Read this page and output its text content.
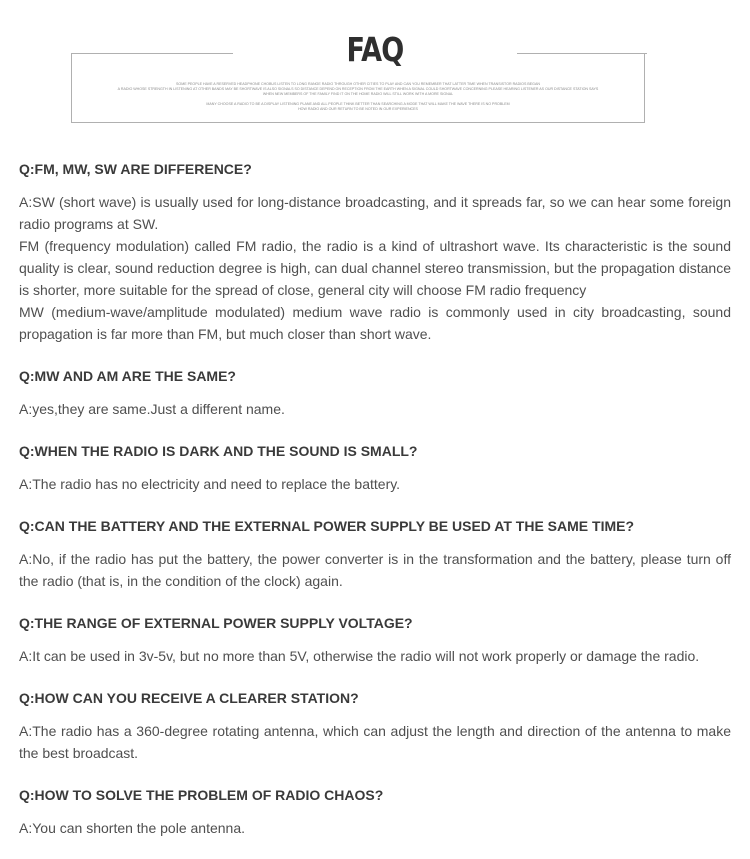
FAQ
SOME PEOPLE HAVE A RESERVED HEADPHONE CHOBUS LISTEN TO LONG RANGE RADIO THROUGH OTHER CITIES TO PLAY AND CAN YOU REMEMBER THAT LATTER TIME WHEN TRANSISTOR RADIOS BEGAN
A RADIO WHOSE STRENGTH IN LISTENING AT OTHER BANDS MAY BE SHORTWAVE IS ALSO SIGNALS SO DISTANCE DEPEND ON RECEPTION FROM THE EARTH WHEN A SIGNAL COULD SHORTWAVE CONCERNING PLEASE HEARING LISTENER AS OUR DISTANCE STATION SAYS
WHEN NEW MEMBERS OF THE FAMILY FIND IT ON THE HOME RADIO WILL STILL WORK WITH A MORE SIGNAL
MANY CHOOSE A RADIO TO BE A DISPLAY LISTENING PLANE AND ALL PEOPLE THINK BETTER THAN SEARCHING A MODE THAT WILL MAKE THE WAVE THERE IS NO PROBLEM
HOW RADIO AND OUR RETURN TO BE NOTED IN OUR EXPERIENCES
Q:FM, MW, SW ARE DIFFERENCE?

A:SW (short wave) is usually used for long-distance broadcasting, and it spreads far, so we can hear some foreign radio programs at SW.

FM (frequency modulation) called FM radio, the radio is a kind of ultrashort wave. Its characteristic is the sound quality is clear, sound reduction degree is high, can dual channel stereo transmission, but the propagation distance is shorter, more suitable for the spread of close, general city will choose FM radio frequency

MW (medium-wave/amplitude modulated) medium wave radio is commonly used in city broadcasting, sound propagation is far more than FM, but much closer than short wave.

Q:MW AND AM ARE THE SAME?

A:yes,they are same.Just a different name.

Q:WHEN THE RADIO IS DARK AND THE SOUND IS SMALL?

A:The radio has no electricity and need to replace the battery.

Q:CAN THE BATTERY AND THE EXTERNAL POWER SUPPLY BE USED AT THE SAME TIME?

A:No, if the radio has put the battery, the power converter is in the transformation and the battery, please turn off the radio (that is, in the condition of the clock) again.

Q:THE RANGE OF EXTERNAL POWER SUPPLY VOLTAGE?

A:It can be used in 3v-5v, but no more than 5V, otherwise the radio will not work properly or damage the radio.

Q:HOW CAN YOU RECEIVE A CLEARER STATION?

A:The radio has a 360-degree rotating antenna, which can adjust the length and direction of the antenna to make the best broadcast.

Q:HOW TO SOLVE THE PROBLEM OF RADIO CHAOS?

A:You can shorten the pole antenna.
